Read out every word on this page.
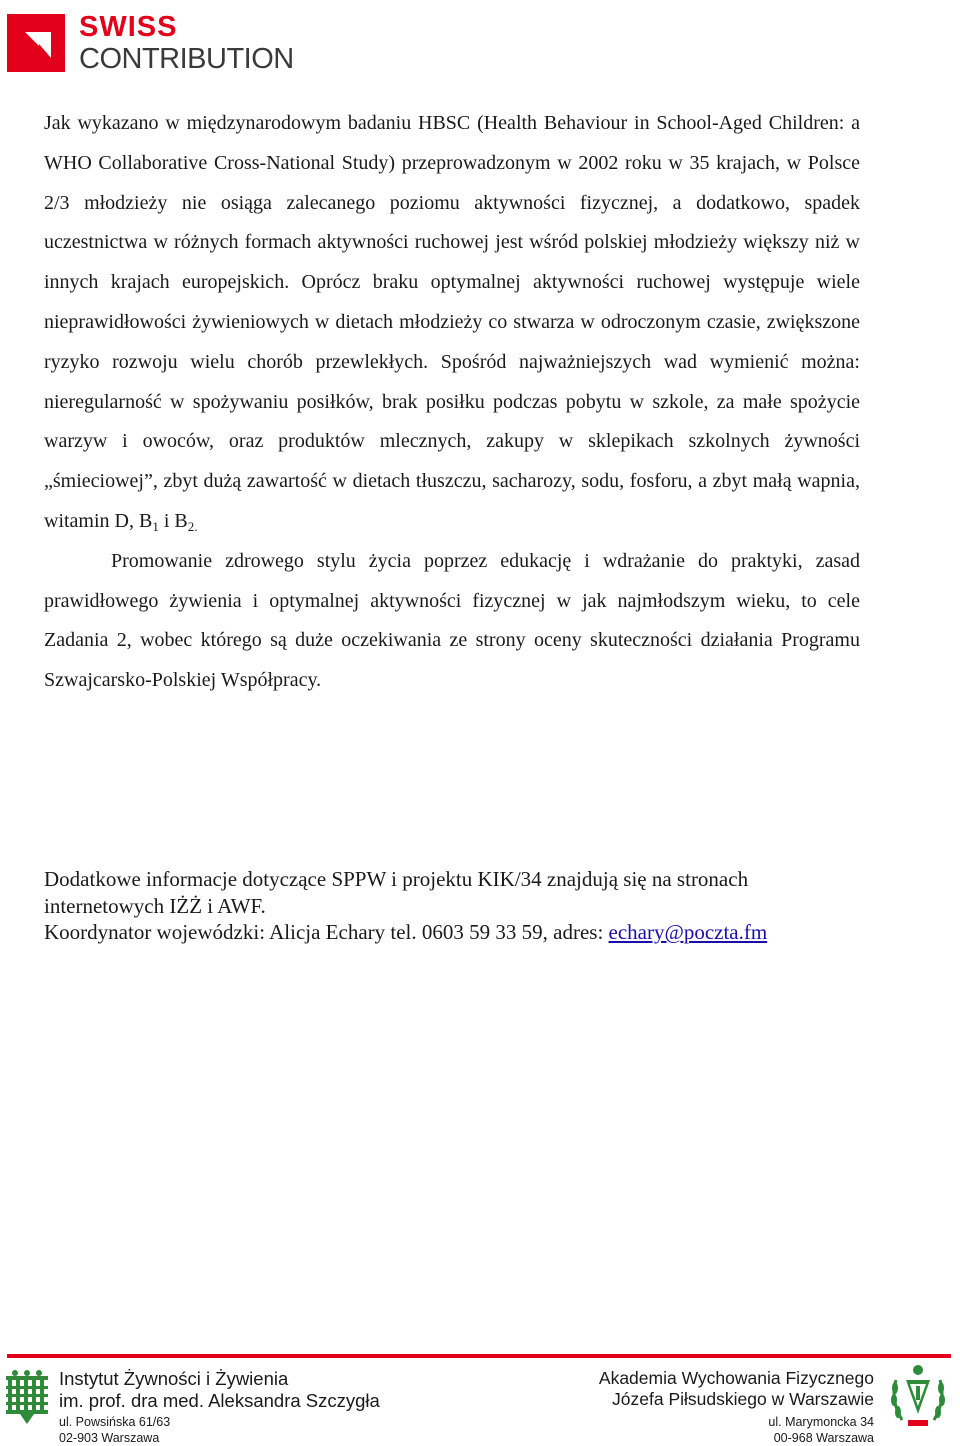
SWISS
CONTRIBUTION

Jak wykazano w międzynarodowym badaniu HBSC (Health Behaviour in School-Aged Children: a WHO Collaborative Cross-National Study) przeprowadzonym w 2002 roku w 35 krajach, w Polsce 2/3 młodzieży nie osiąga zalecanego poziomu aktywności fizycznej, a dodatkowo, spadek uczestnictwa w różnych formach aktywności ruchowej jest wśród polskiej młodzieży większy niż w innych krajach europejskich. Oprócz braku optymalnej aktywności ruchowej występuje wiele nieprawidłowości żywieniowych w dietach młodzieży co stwarza w odroczonym czasie, zwiększone ryzyko rozwoju wielu chorób przewlekłych. Spośród najważniejszych wad wymienić można: nieregularność w spożywaniu posiłków, brak posiłku podczas pobytu w szkole, za małe spożycie warzyw i owoców, oraz produktów mlecznych, zakupy w sklepikach szkolnych żywności „śmieciowej”, zbyt dużą zawartość w dietach tłuszczu, sacharozy, sodu, fosforu, a zbyt małą wapnia, witamin D, $B_1$ i $B_{2.}$

Promowanie zdrowego stylu życia poprzez edukację i wdrażanie do praktyki, zasad prawidłowego żywienia i optymalnej aktywności fizycznej w jak najmłodszym wieku, to cele Zadania 2, wobec którego są duże oczekiwania ze strony oceny skuteczności działania Programu Szwajcarsko-Polskiej Współpracy.

Dodatkowe informacje dotyczące SPPW i projektu KIK/34 znajdują się na stronach

internetowych IŻŻ i AWF.

Koordynator wojewódzki: Alicja Echary tel. 0603 59 33 59, adres: echary@poczta.fm

Instytut Żywności i Żywienia
im. prof. dra med. Aleksandra Szczygła
ul. Powsińska 61/63
02-903 Warszawa
Akademia Wychowania Fizycznego
Józefa Piłsudskiego w Warszawie
ul. Marymoncka 34
00-968 Warszawa
